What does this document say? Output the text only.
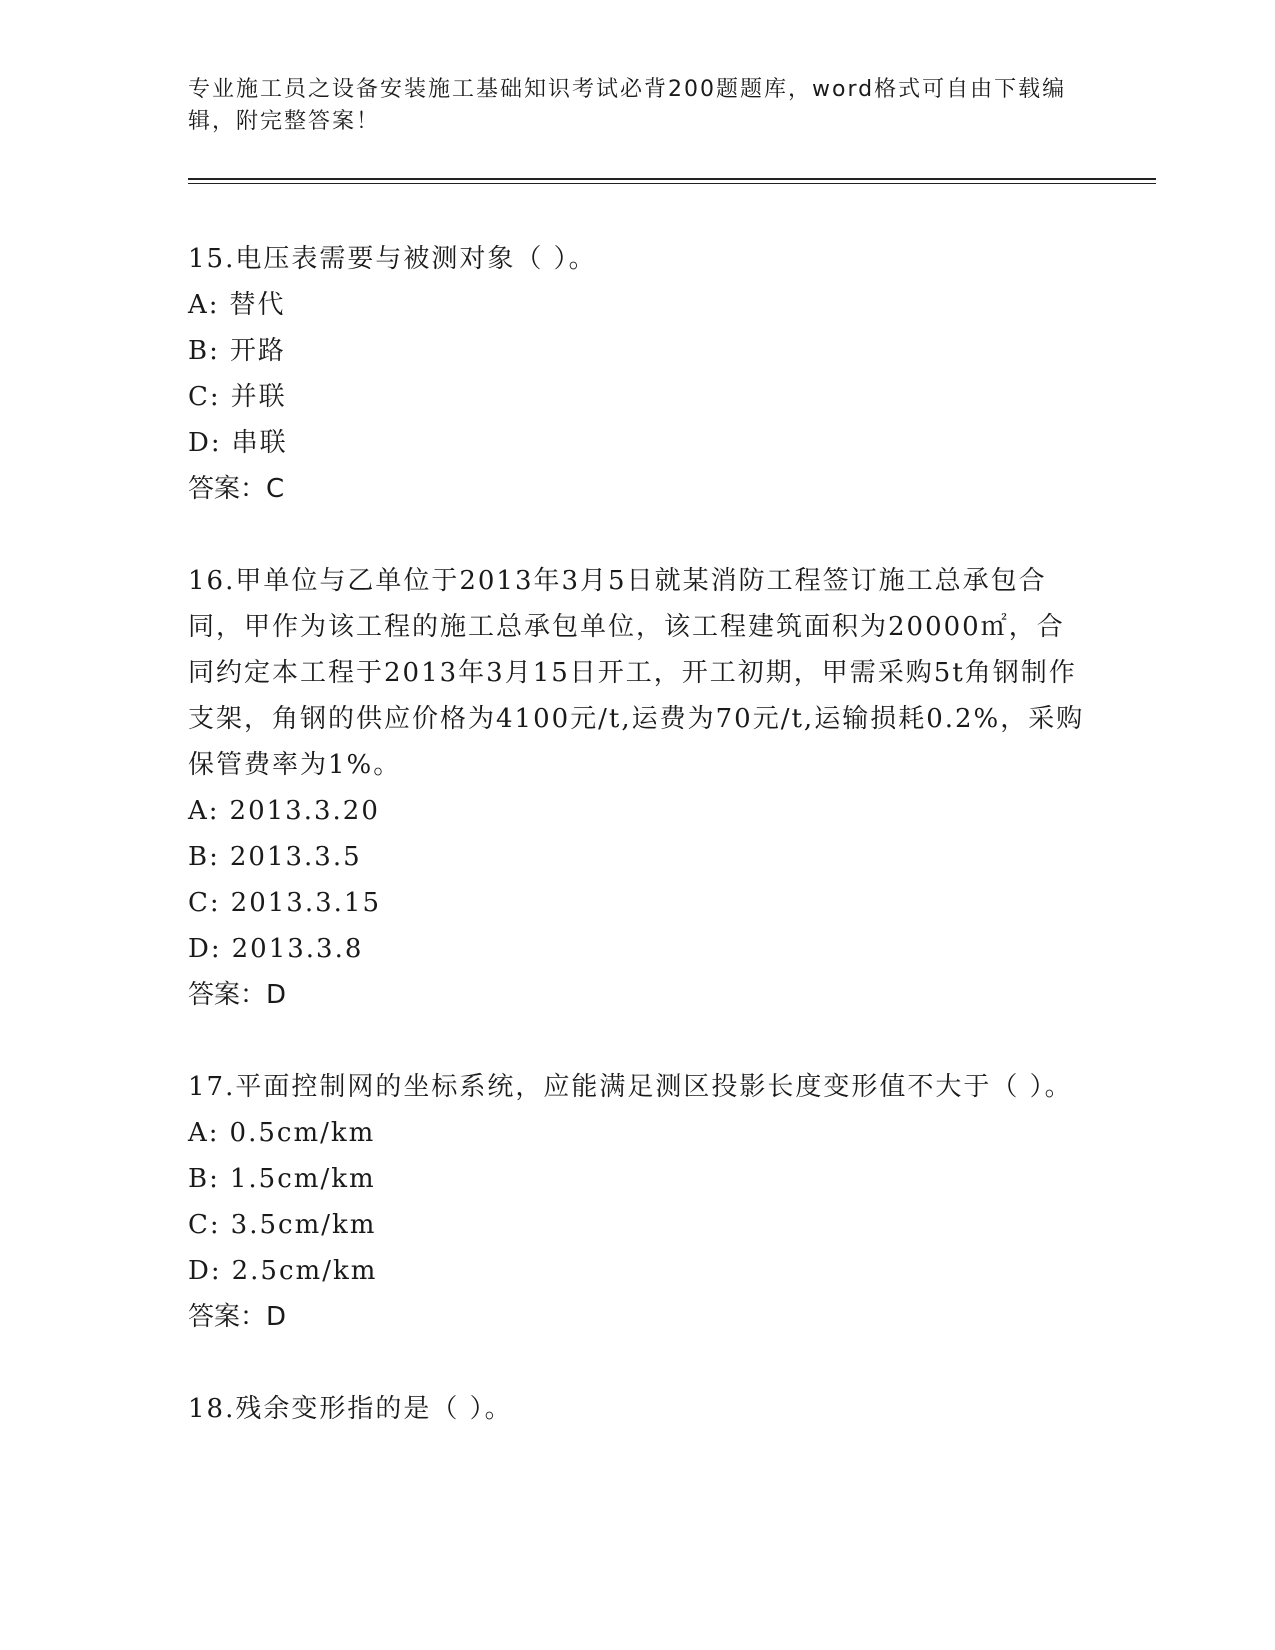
专业施工员之设备安装施工基础知识考试必背200题题库，word格式可自由下载编辑，附完整答案！

15.电压表需要与被测对象（ ）。

A: 替代

B: 开路

C: 并联

D: 串联

答案：C

16.甲单位与乙单位于2013年3月5日就某消防工程签订施工总承包合同，甲作为该工程的施工总承包单位，该工程建筑面积为20000㎡，合同约定本工程于2013年3月15日开工，开工初期，甲需采购5t角钢制作支架，角钢的供应价格为4100元/t,运费为70元/t,运输损耗0.2%，采购保管费率为1%。

A: 2013.3.20

B: 2013.3.5

C: 2013.3.15

D: 2013.3.8

答案：D

17.平面控制网的坐标系统，应能满足测区投影长度变形值不大于（ ）。

A: 0.5cm/km

B: 1.5cm/km

C: 3.5cm/km

D: 2.5cm/km

答案：D

18.残余变形指的是（ ）。
